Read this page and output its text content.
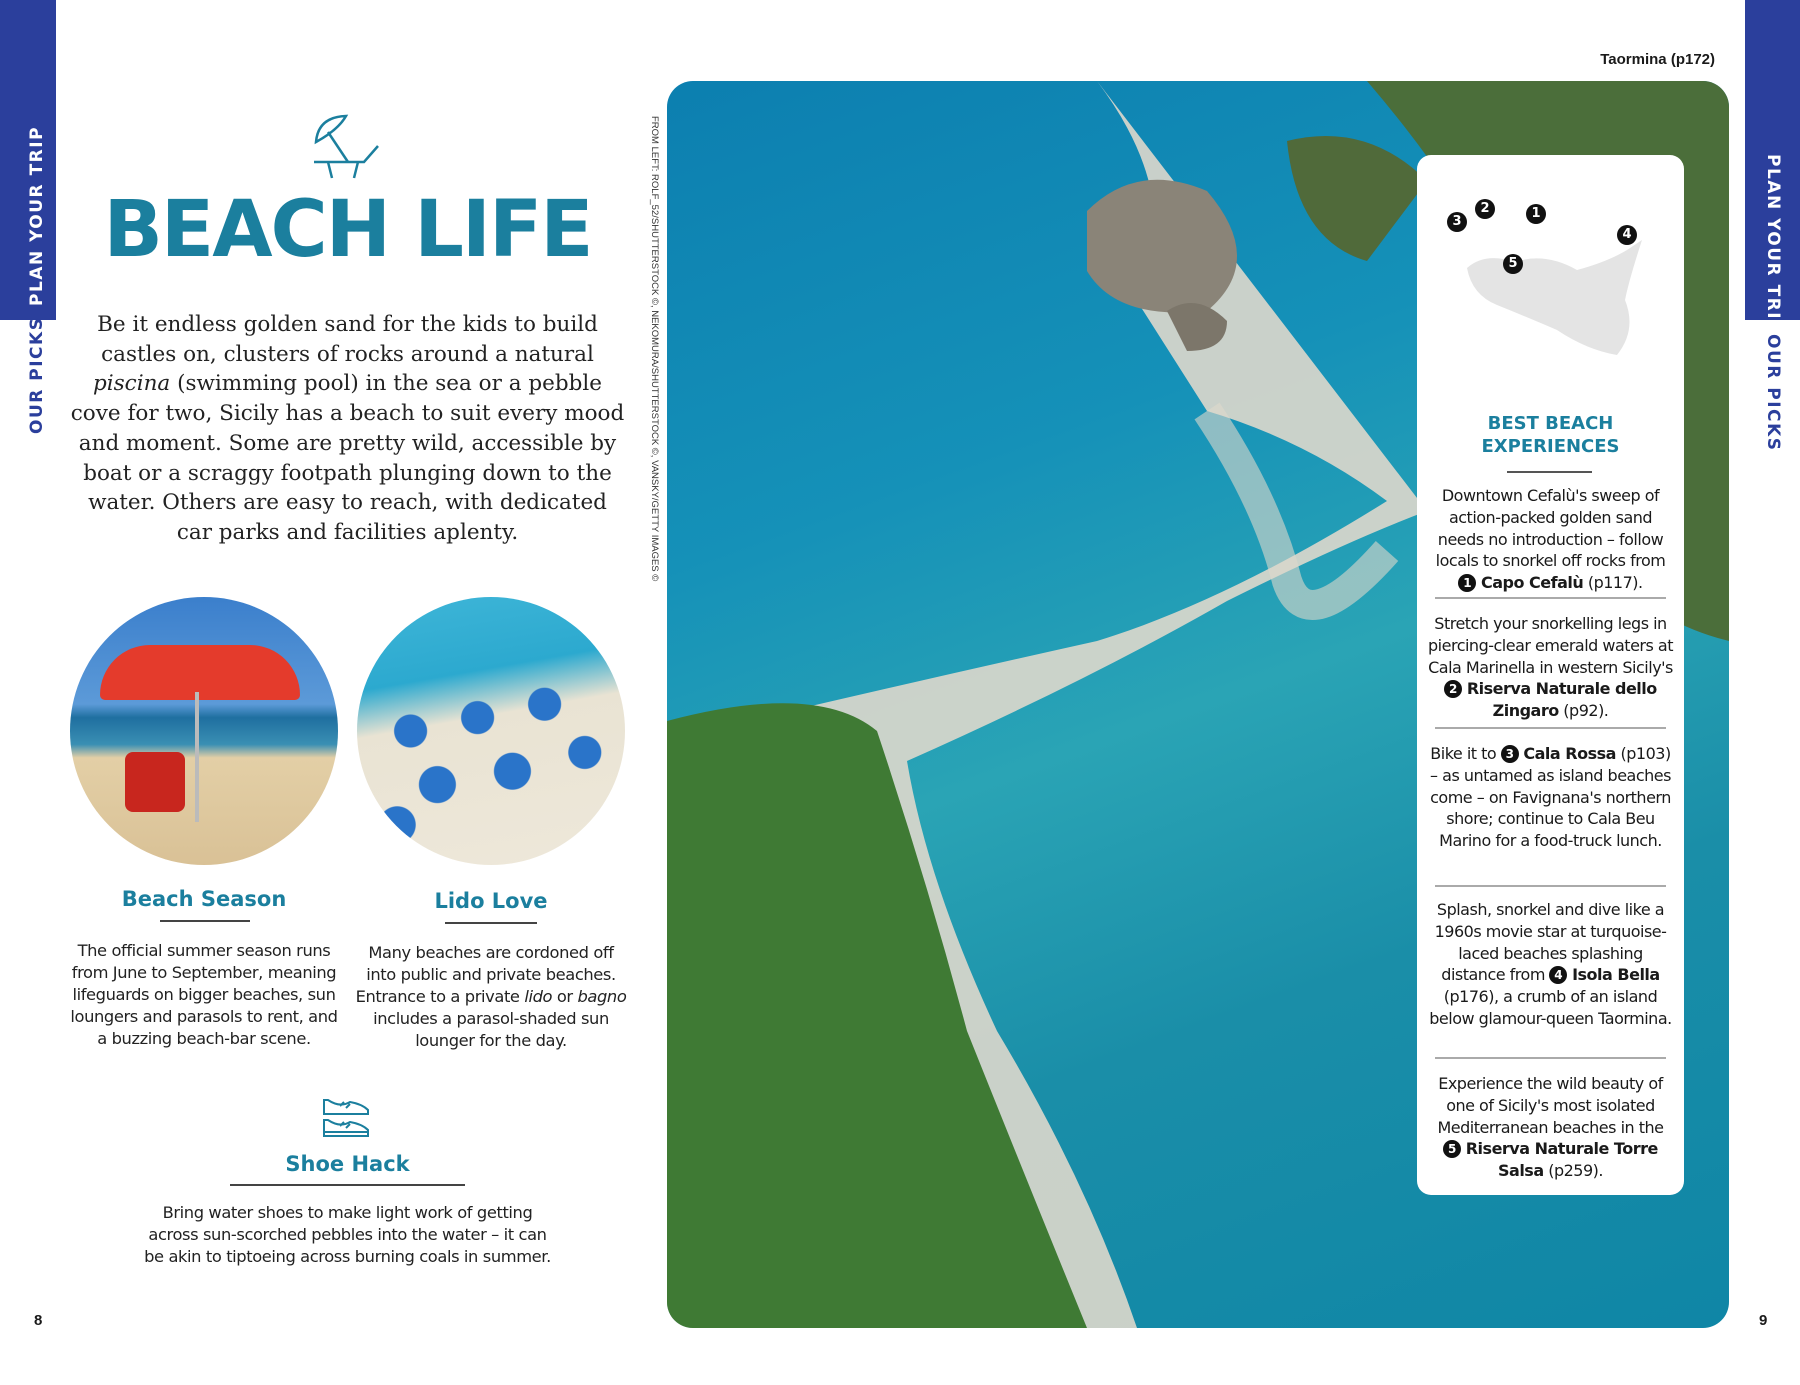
PLAN YOUR TRIP
OUR PICKS
PLAN YOUR TRIP
OUR PICKS
BEACH LIFE
Be it endless golden sand for the kids to build castles on, clusters of rocks around a natural piscina (swimming pool) in the sea or a pebble cove for two, Sicily has a beach to suit every mood and moment. Some are pretty wild, accessible by boat or a scraggy footpath plunging down to the water. Others are easy to reach, with dedicated car parks and facilities aplenty.
Beach Season
The official summer season runs from June to September, meaning lifeguards on bigger beaches, sun loungers and parasols to rent, and a buzzing beach-bar scene.
Lido Love
Many beaches are cordoned off into public and private beaches. Entrance to a private lido or bagno includes a parasol-shaded sun lounger for the day.
Shoe Hack
Bring water shoes to make light work of getting across sun-scorched pebbles into the water – it can be akin to tiptoeing across burning coals in summer.
8	9
FROM LEFT: ROLF_52/SHUTTERSTOCK ©, NEKOMURA/SHUTTERSTOCK ©, VANSKY/GETTY IMAGES ©
Taormina (p172)
1
2
3
4
5
BEST BEACH
EXPERIENCES
Downtown Cefalù's sweep of action-packed golden sand needs no introduction – follow locals to snorkel off rocks from 1 Capo Cefalù (p117).
Stretch your snorkelling legs in piercing-clear emerald waters at Cala Marinella in western Sicily's 2 Riserva Naturale dello Zingaro (p92).
Bike it to 3 Cala Rossa (p103) – as untamed as island beaches come – on Favignana's northern shore; continue to Cala Beu Marino for a food-truck lunch.
Splash, snorkel and dive like a 1960s movie star at turquoise-laced beaches splashing distance from 4 Isola Bella (p176), a crumb of an island below glamour-queen Taormina.
Experience the wild beauty of one of Sicily's most isolated Mediterranean beaches in the 5 Riserva Naturale Torre Salsa (p259).
